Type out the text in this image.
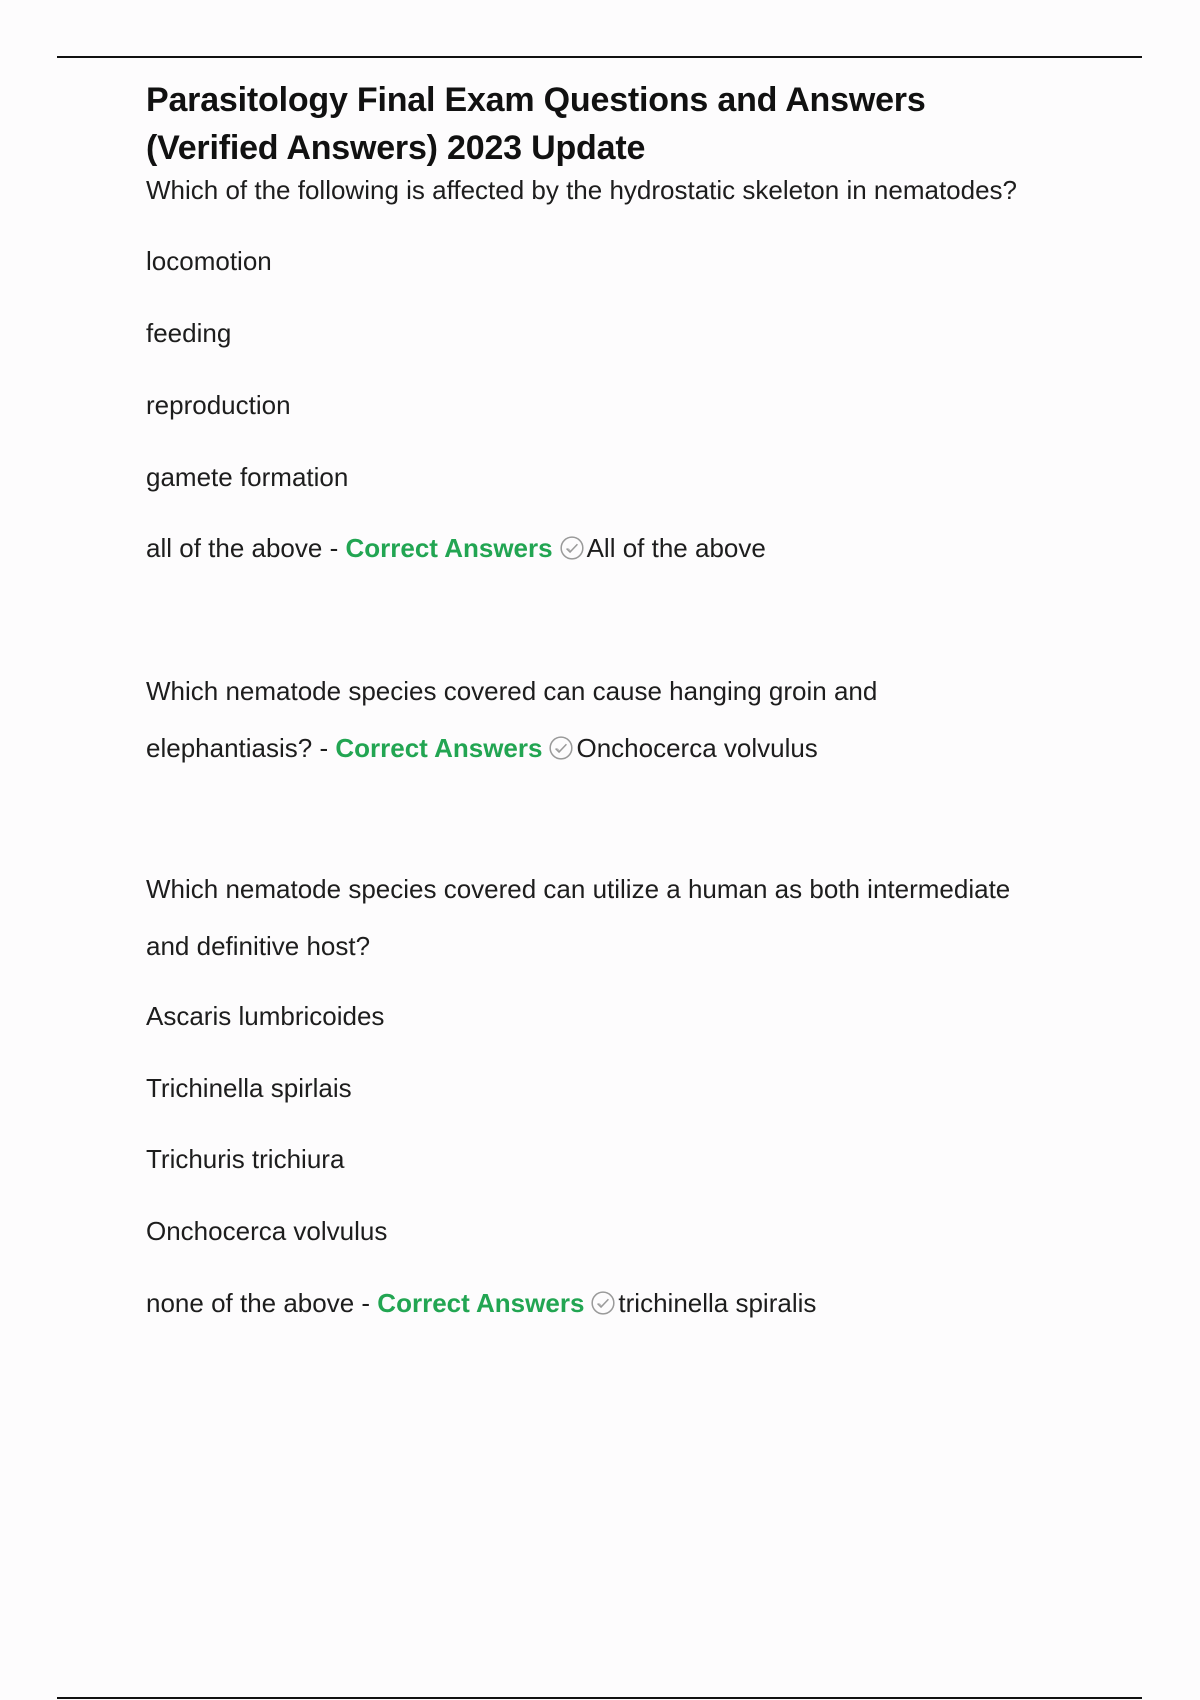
Parasitology Final Exam Questions and Answers
(Verified Answers) 2023 Update
Which of the following is affected by the hydrostatic skeleton in nematodes?
locomotion
feeding
reproduction
gamete formation
all of the above - Correct Answers All of the above
Which nematode species covered can cause hanging groin and
elephantiasis? - Correct Answers Onchocerca volvulus
Which nematode species covered can utilize a human as both intermediate
and definitive host?
Ascaris lumbricoides
Trichinella spirlais
Trichuris trichiura
Onchocerca volvulus
none of the above - Correct Answers trichinella spiralis
